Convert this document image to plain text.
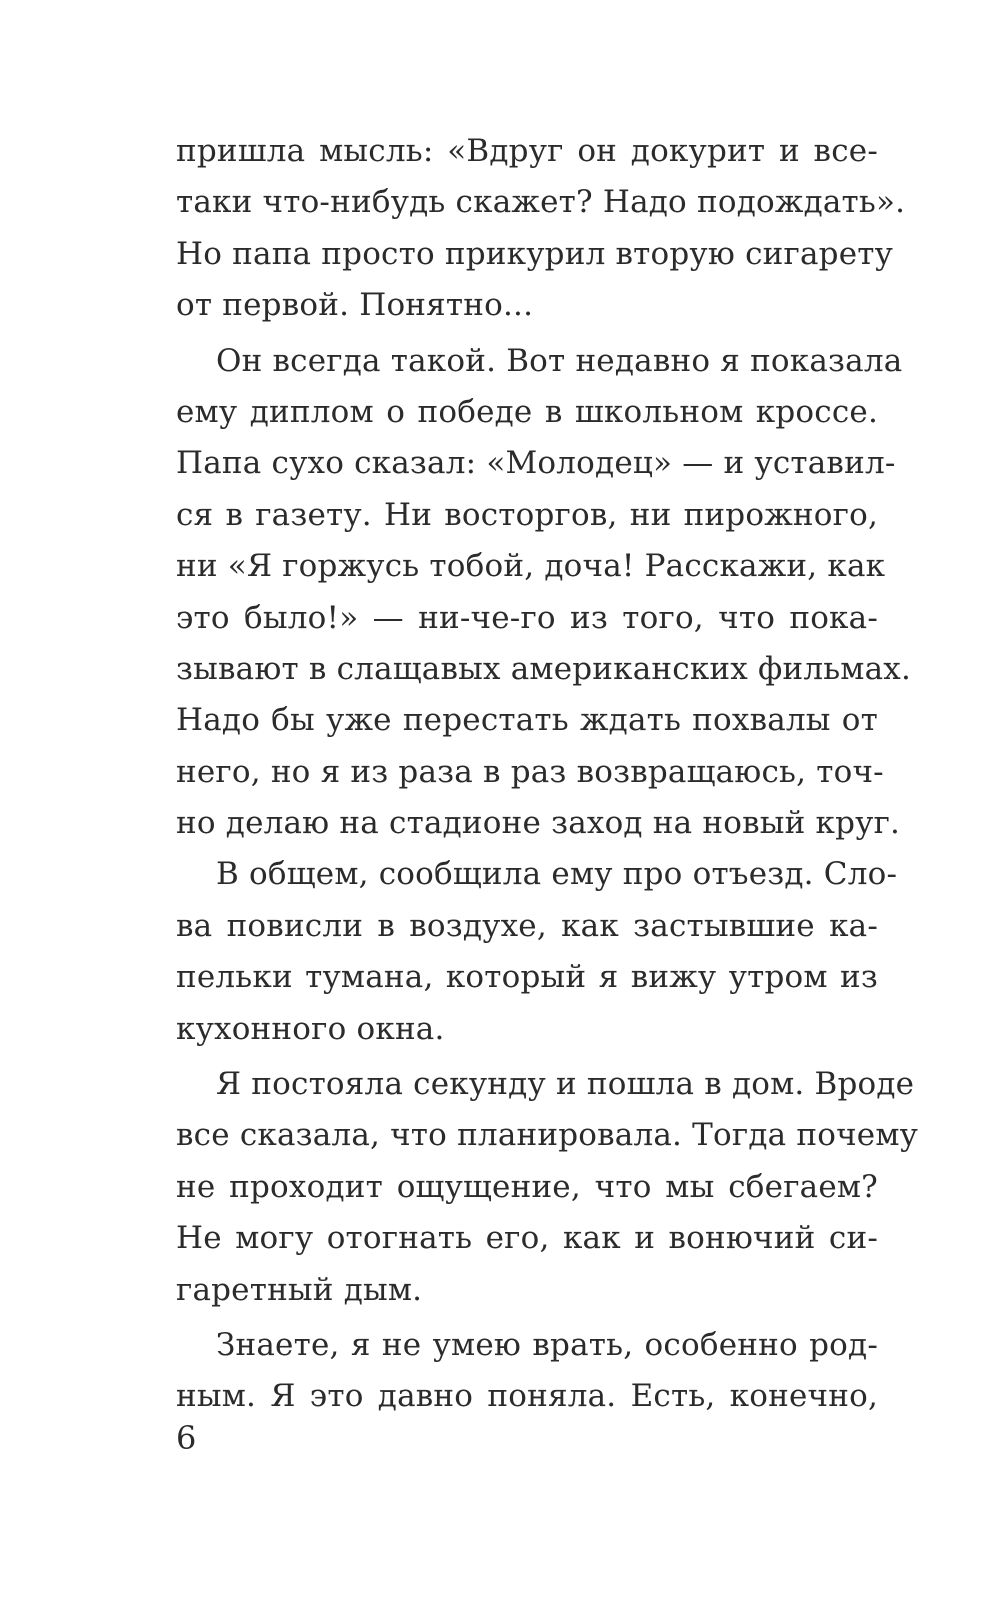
пришла мысль: «Вдруг он докурит и все-
таки что-нибудь скажет? Надо подождать».
Но папа просто прикурил вторую сигарету
от первой. Понятно...
Он всегда такой. Вот недавно я показала
ему диплом о победе в школьном кроссе.
Папа сухо сказал: «Молодец» — и уставил-
ся в газету. Ни восторгов, ни пирожного,
ни «Я горжусь тобой, доча! Расскажи, как
это было!» — ни-че-го из того, что пока-
зывают в слащавых американских фильмах.
Надо бы уже перестать ждать похвалы от
него, но я из раза в раз возвращаюсь, точ-
но делаю на стадионе заход на новый круг.
В общем, сообщила ему про отъезд. Сло-
ва повисли в воздухе, как застывшие ка-
пельки тумана, который я вижу утром из
кухонного окна.
Я постояла секунду и пошла в дом. Вроде
все сказала, что планировала. Тогда почему
не проходит ощущение, что мы сбегаем?
Не могу отогнать его, как и вонючий си-
гаретный дым.
Знаете, я не умею врать, особенно род-
ным. Я это давно поняла. Есть, конечно,
6
